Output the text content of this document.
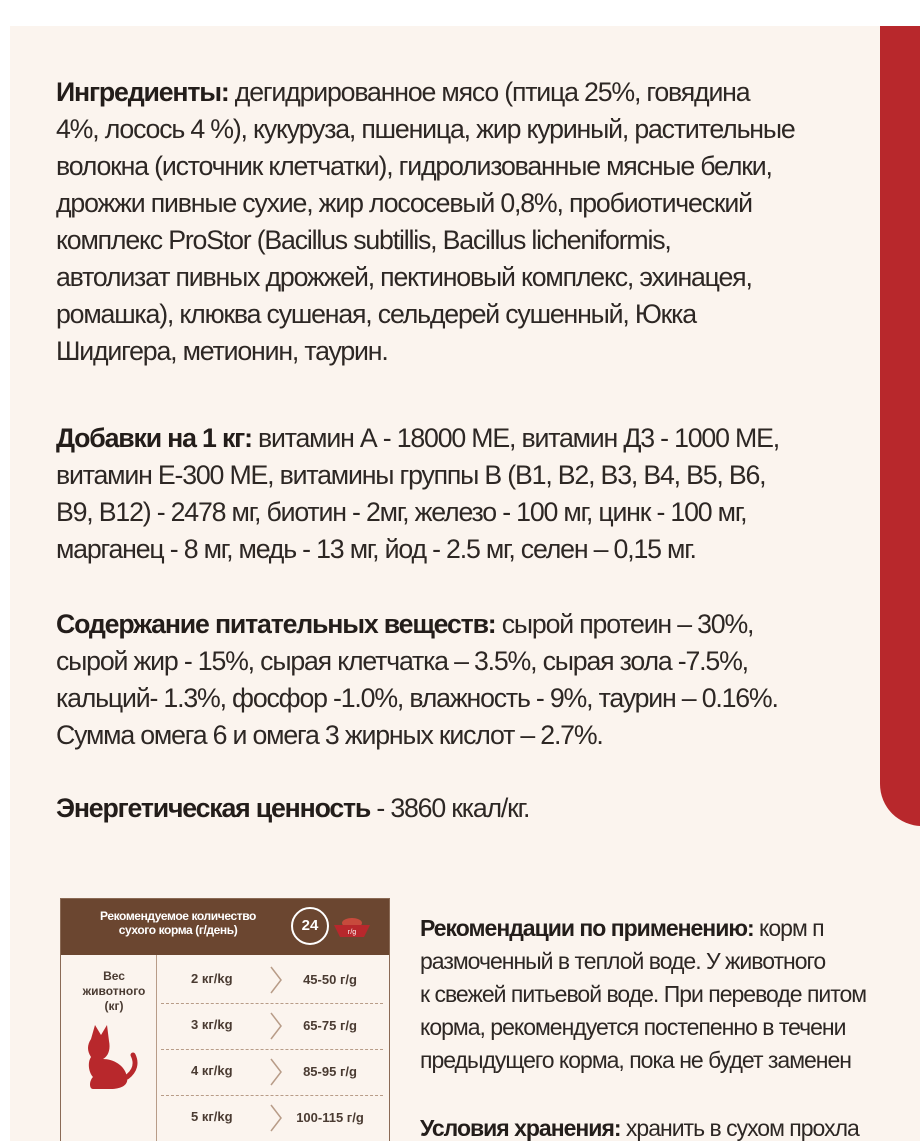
Ингредиенты: дегидрированное мясо (птица 25%, говядина
4%, лосось 4 %), кукуруза, пшеница, жир куриный, растительные
волокна (источник клетчатки), гидролизованные мясные белки,
дрожжи пивные сухие, жир лососевый 0,8%, пробиотический
комплекс ProStor (Bacillus subtillis, Bacillus licheniformis,
автолизат пивных дрожжей, пектиновый комплекс, эхинацея,
ромашка), клюква сушеная, сельдерей сушенный, Юкка
Шидигера, метионин, таурин.
Добавки на 1 кг: витамин А - 18000 МЕ, витамин Д3 - 1000 МЕ,
витамин Е-300 МЕ, витамины группы В (В1, В2, В3, В4, В5, В6,
В9, В12) - 2478 мг, биотин - 2мг, железо - 100 мг, цинк - 100 мг,
марганец - 8 мг, медь - 13 мг, йод - 2.5 мг, селен – 0,15 мг.
Содержание питательных веществ: сырой протеин – 30%,
сырой жир - 15%, сырая клетчатка – 3.5%, сырая зола -7.5%,
кальций- 1.3%, фосфор -1.0%, влажность - 9%, таурин – 0.16%.
Сумма омега 6 и омега 3 жирных кислот – 2.7%.
Энергетическая ценность - 3860 ккал/кг.
Рекомендуемое количество
сухого корма (г/день)	24	г/g
Вес
животного
(кг)
2 кг/kg	45-50 г/g
3 кг/kg	65-75 г/g
4 кг/kg	85-95 г/g
5 кг/kg	100-115 г/g
Рекомендации по применению: корм п
размоченный в теплой воде. У животного
к свежей питьевой воде. При переводе питом
корма, рекомендуется постепенно в течени
предыдущего корма, пока не будет заменен
Условия хранения: хранить в сухом прохла
